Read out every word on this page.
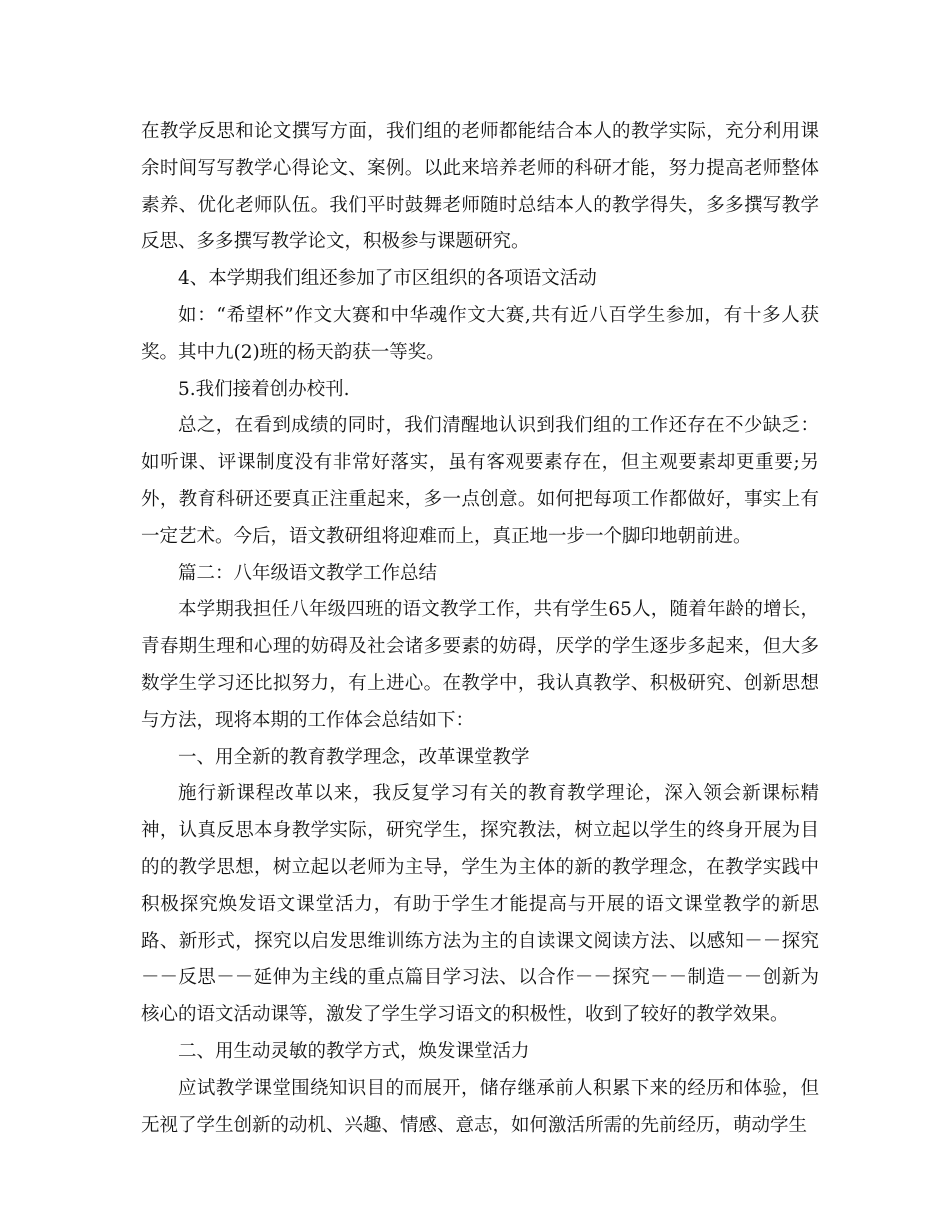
在教学反思和论文撰写方面，我们组的老师都能结合本人的教学实际，充分利用课余时间写写教学心得论文、案例。以此来培养老师的科研才能，努力提高老师整体素养、优化老师队伍。我们平时鼓舞老师随时总结本人的教学得失，多多撰写教学反思、多多撰写教学论文，积极参与课题研究。

4、本学期我们组还参加了市区组织的各项语文活动

如：“希望杯”作文大赛和中华魂作文大赛,共有近八百学生参加，有十多人获奖。其中九(2)班的杨天韵获一等奖。

5.我们接着创办校刊.

总之，在看到成绩的同时，我们清醒地认识到我们组的工作还存在不少缺乏：如听课、评课制度没有非常好落实，虽有客观要素存在，但主观要素却更重要;另外，教育科研还要真正注重起来，多一点创意。如何把每项工作都做好，事实上有一定艺术。今后，语文教研组将迎难而上，真正地一步一个脚印地朝前进。

篇二：八年级语文教学工作总结

本学期我担任八年级四班的语文教学工作，共有学生65人，随着年龄的增长，青春期生理和心理的妨碍及社会诸多要素的妨碍，厌学的学生逐步多起来，但大多数学生学习还比拟努力，有上进心。在教学中，我认真教学、积极研究、创新思想与方法，现将本期的工作体会总结如下：

一、用全新的教育教学理念，改革课堂教学

施行新课程改革以来，我反复学习有关的教育教学理论，深入领会新课标精神，认真反思本身教学实际，研究学生，探究教法，树立起以学生的终身开展为目的的教学思想，树立起以老师为主导，学生为主体的新的教学理念，在教学实践中积极探究焕发语文课堂活力，有助于学生才能提高与开展的语文课堂教学的新思路、新形式，探究以启发思维训练方法为主的自读课文阅读方法、以感知－－探究－－反思－－延伸为主线的重点篇目学习法、以合作－－探究－－制造－－创新为核心的语文活动课等，激发了学生学习语文的积极性，收到了较好的教学效果。

二、用生动灵敏的教学方式，焕发课堂活力

应试教学课堂围绕知识目的而展开，储存继承前人积累下来的经历和体验，但无视了学生创新的动机、兴趣、情感、意志，如何激活所需的先前经历，萌动学生
